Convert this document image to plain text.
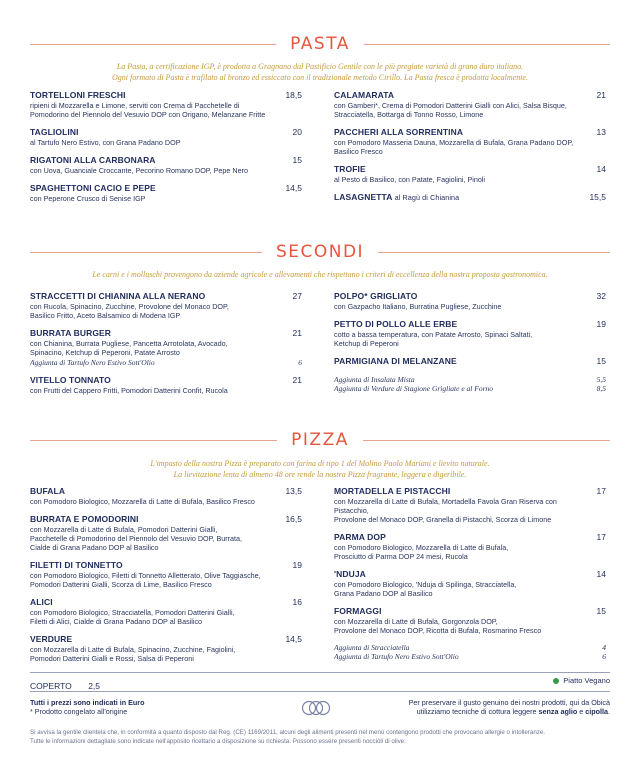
PASTA
La Pasta, a certificazione IGP, è prodotta a Gragnano dal Pastificio Gentile con le più pregiate varietà di grano duro italiano.
Ogni formato di Pasta è trafilato al bronzo ed essiccato con il tradizionale metodo Cirillo. La Pasta fresca è prodotta localmente.
TORTELLONI FRESCHI	18,5
ripieni di Mozzarella e Limone, serviti con Crema di Pacchetelle di
Pomodorino del Piennolo del Vesuvio DOP con Origano, Melanzane Fritte
TAGLIOLINI	20
al Tartufo Nero Estivo, con Grana Padano DOP
RIGATONI ALLA CARBONARA	15
con Uova, Guanciale Croccante, Pecorino Romano DOP, Pepe Nero
SPAGHETTONI CACIO E PEPE	14,5
con Peperone Crusco di Senise IGP
CALAMARATA	21
con Gamberi*, Crema di Pomodori Datterini Gialli con Alici, Salsa Bisque,
Stracciatella, Bottarga di Tonno Rosso, Limone
PACCHERI ALLA SORRENTINA	13
con Pomodoro Masseria Dauna, Mozzarella di Bufala, Grana Padano DOP,
Basilico Fresco
TROFIE	14
al Pesto di Basilico, con Patate, Fagiolini, Pinoli
LASAGNETTA al Ragù di Chianina	15,5
SECONDI
Le carni e i molluschi provengono da aziende agricole e allevamenti che rispettano i criteri di eccellenza della nostra proposta gastronomica.
STRACCETTI DI CHIANINA ALLA NERANO	27
con Rucola, Spinacino, Zucchine, Provolone del Monaco DOP,
Basilico Fritto, Aceto Balsamico di Modena IGP
BURRATA BURGER	21
con Chianina, Burrata Pugliese, Pancetta Arrotolata, Avocado,
Spinacino, Ketchup di Peperoni, Patate Arrosto
Aggiunta di Tartufo Nero Estivo Sott'Olio	6
VITELLO TONNATO	21
con Frutti del Cappero Fritti, Pomodori Datterini Confit, Rucola
POLPO* GRIGLIATO	32
con Gazpacho Italiano, Burratina Pugliese, Zucchine
PETTO DI POLLO ALLE ERBE	19
cotto a bassa temperatura, con Patate Arrosto, Spinaci Saltati,
Ketchup di Peperoni
PARMIGIANA DI MELANZANE	15
Aggiunta di Insalata Mista	5,5
Aggiunta di Verdure di Stagione Grigliate e al Forno	8,5
PIZZA
L'impasto della nostra Pizza è preparato con farina di tipo 1 del Molino Paolo Mariani e lievito naturale.
La lievitazione lenta di almeno 48 ore rende la nostra Pizza fragrante, leggera e digeribile.
BUFALA	13,5
con Pomodoro Biologico, Mozzarella di Latte di Bufala, Basilico Fresco
BURRATA E POMODORINI	16,5
con Mozzarella di Latte di Bufala, Pomodori Datterini Gialli,
Pacchetelle di Pomodorino del Piennolo del Vesuvio DOP, Burrata,
Cialde di Grana Padano DOP al Basilico
FILETTI DI TONNETTO	19
con Pomodoro Biologico, Filetti di Tonnetto Alletterato, Olive Taggiasche,
Pomodori Datterini Gialli, Scorza di Lime, Basilico Fresco
ALICI	16
con Pomodoro Biologico, Stracciatella, Pomodori Datterini Gialli,
Filetti di Alici, Cialde di Grana Padano DOP al Basilico
VERDURE	14,5
con Mozzarella di Latte di Bufala, Spinacino, Zucchine, Fagiolini,
Pomodori Datterini Gialli e Rossi, Salsa di Peperoni
MORTADELLA E PISTACCHI	17
con Mozzarella di Latte di Bufala, Mortadella Favola Gran Riserva con Pistacchio,
Provolone del Monaco DOP, Granella di Pistacchi, Scorza di Limone
PARMA DOP	17
con Pomodoro Biologico, Mozzarella di Latte di Bufala,
Prosciutto di Parma DOP 24 mesi, Rucola
'NDUJA	14
con Pomodoro Biologico, 'Nduja di Spilinga, Stracciatella,
Grana Padano DOP al Basilico
FORMAGGI	15
con Mozzarella di Latte di Bufala, Gorgonzola DOP,
Provolone del Monaco DOP, Ricotta di Bufala, Rosmarino Fresco
Aggiunta di Stracciatella	4
Aggiunta di Tartufo Nero Estivo Sott'Olio	6
COPERTO 2,5
Piatto Vegano
Tutti i prezzi sono indicati in Euro
* Prodotto congelato all'origine
Per preservare il gusto genuino dei nostri prodotti, qui da Obicà
utilizziamo tecniche di cottura leggere senza aglio e cipolla.
Si avvisa la gentile clientela che, in conformità a quanto disposto dal Reg. (CE) 1169/2011, alcuni degli alimenti presenti nel menù contengono prodotti che provocano allergie o intolleranze.
Tutte le informazioni dettagliate sono indicate nell'apposito ricettario a disposizione su richiesta. Possono essere presenti nocciòli di olive.
